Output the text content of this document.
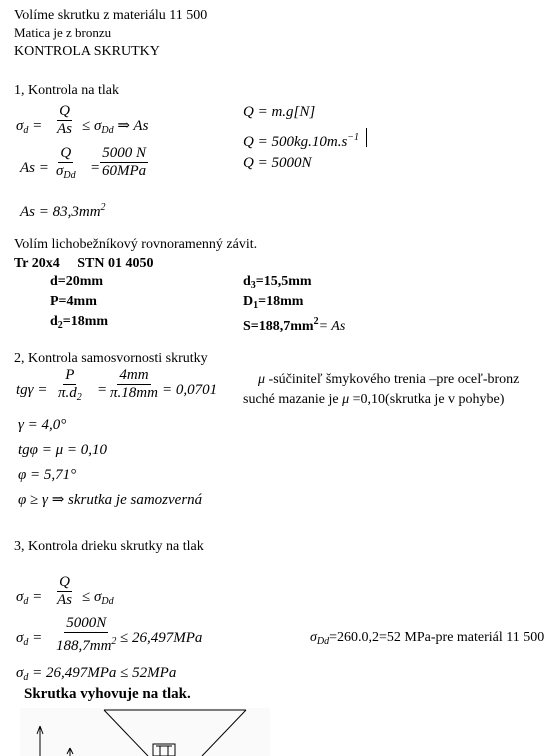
Volíme skrutku z materiálu 11 500
Matica je z bronzu
KONTROLA SKRUTKY
1, Kontrola na tlak
$\sigma_d = \frac{Q}{As} \le \sigma_{Dd}$ ⇒ As
As =
Q
$\sigma_{Dd}$ =
5000 N
60MPa
$As = 83,3mm^2$
Q = m.g[N]
$Q = 500kg.10m.s^{-1}$
Q = 5000N
Volím lichobežníkový rovnoramenný závit.
Tr 20x4     STN 01 4050
d=20mm
P=4mm
$d_2=18mm$
$d_3=15,5mm$
$D_1=18mm$
$S=188,7mm^2= As$
2, Kontrola samosvornosti skrutky
$tg\gamma = \frac{P}{\pi.d_2} = \frac{4mm}{\pi.18mm} = 0,0701$
μ -súčiniteľ šmykového trenia –pre oceľ-bronz
suché mazanie je μ =0,10(skrutka je v pohybe)
γ = 4,0°
tgφ = μ = 0,10
φ = 5,71°
φ ≥ γ ⇒ skrutka je samozverná
3, Kontrola drieku skrutky na tlak
$\sigma_d = \frac{Q}{As} \le \sigma_{Dd}$
$\sigma_d = \frac{5000N}{188,7mm^2} \le 26,497MPa$	$\sigma_{Dd}=260.0,2=52$ MPa-pre materiál 11 500
$\sigma_d = 26,497MPa \le 52MPa$
Skrutka vyhovuje na tlak.
